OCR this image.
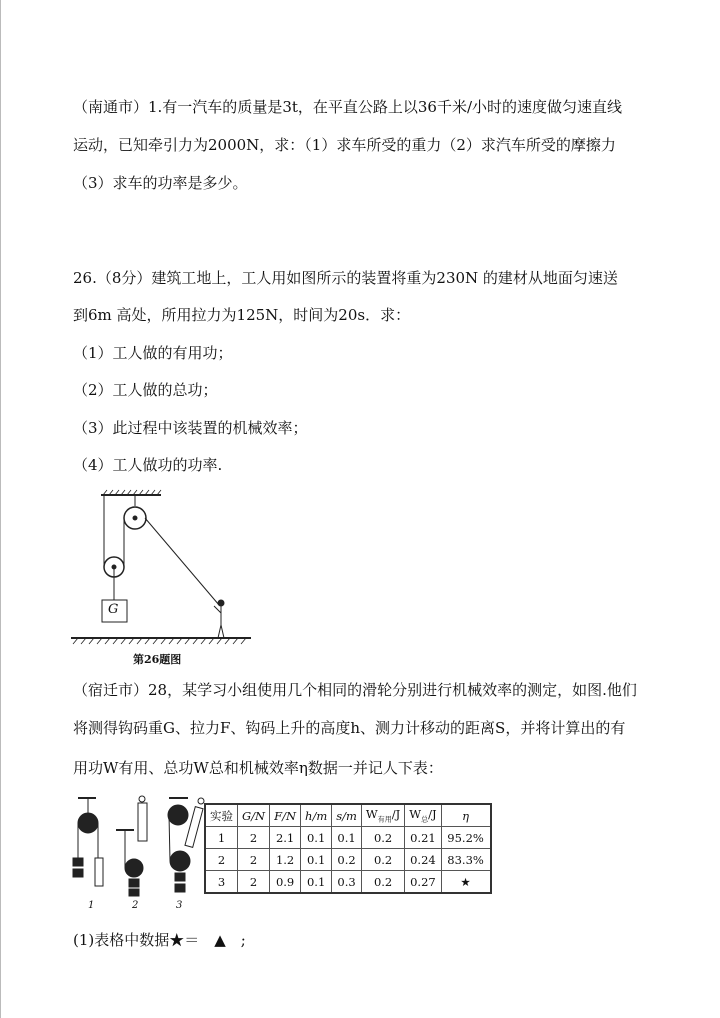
（南通市）1.有一汽车的质量是3t，在平直公路上以36千米/小时的速度做匀速直线
运动，已知牵引力为2000N，求：（1）求车所受的重力（2）求汽车所受的摩擦力
（3）求车的功率是多少。
26.（8分）建筑工地上，工人用如图所示的装置将重为230N 的建材从地面匀速送
到6m 高处，所用拉力为125N，时间为20s．求：
（1）工人做的有用功；
（2）工人做的总功；
（3）此过程中该装置的机械效率；
（4）工人做功的功率.
G
第26题图
（宿迁市）28，某学习小组使用几个相同的滑轮分别进行机械效率的测定，如图.他们
将测得钩码重G、拉力F、钩码上升的高度h、测力计移动的距离S，并将计算出的有
用功W有用、总功W总和机械效率η数据一并记人下表：
1	2	3
实验	G/N	F/N	h/m	s/m	$W_{有用}/J$	$W_总/J$	η
1	2	2.1	0.1	0.1	0.2	0.21	95.2%
2	2	1.2	0.1	0.2	0.2	0.24	83.3%
3	2	0.9	0.1	0.3	0.2	0.27	★
(1)表格中数据★＝　▲　;
